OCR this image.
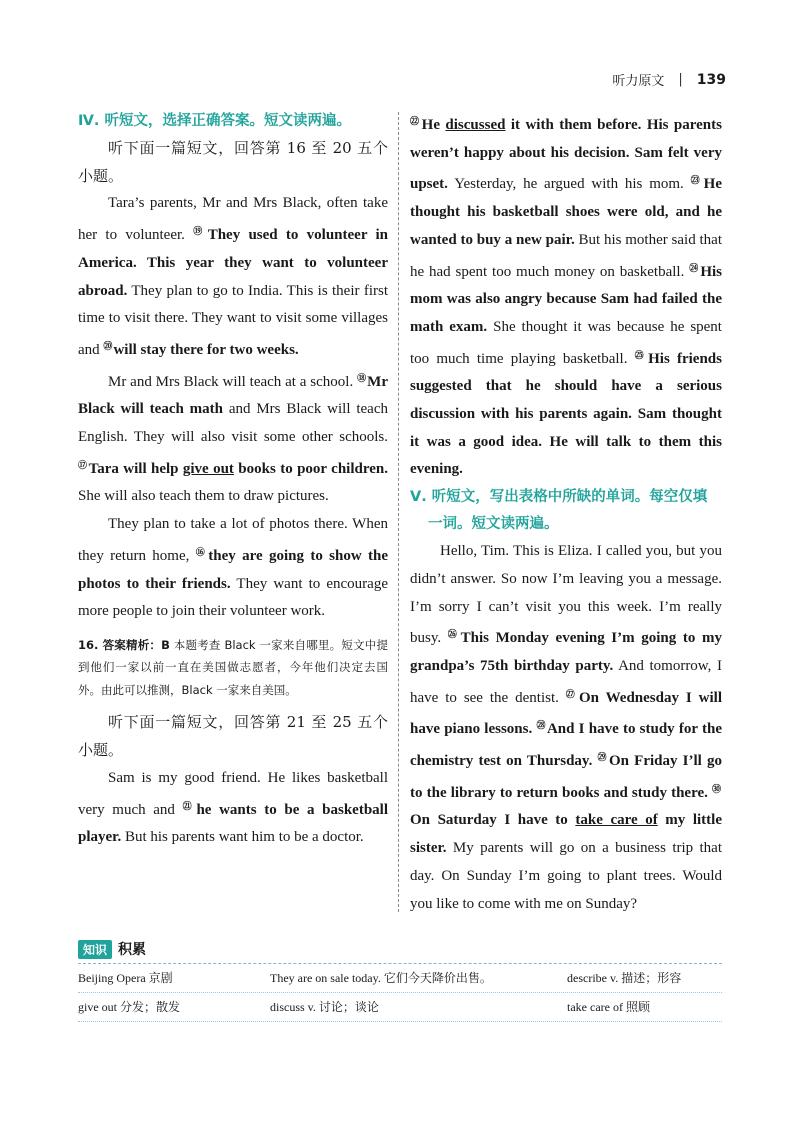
听力原文 | 139
Ⅳ. 听短文，选择正确答案。短文读两遍。

听下面一篇短文，回答第 16 至 20 五个小题。

Tara’s parents, Mr and Mrs Black, often take her to volunteer. ⑲They used to volunteer in America. This year they want to volunteer abroad. They plan to go to India. This is their first time to visit there. They want to visit some villages and ⑳will stay there for two weeks.

Mr and Mrs Black will teach at a school. ⑱Mr Black will teach math and Mrs Black will teach English. They will also visit some other schools. ⑰Tara will help give out books to poor children. She will also teach them to draw pictures.

They plan to take a lot of photos there. When they return home, ⑯they are going to show the photos to their friends. They want to encourage more people to join their volunteer work.

16. 答案精析：B 本题考查 Black 一家来自哪里。短文中提到他们一家以前一直在美国做志愿者，今年他们决定去国外。由此可以推测，Black 一家来自美国。

听下面一篇短文，回答第 21 至 25 五个小题。

Sam is my good friend. He likes basketball very much and $^㉑$he wants to be a basketball player. But his parents want him to be a doctor.

$^㉒$He discussed it with them before. His parents weren’t happy about his decision. Sam felt very upset. Yesterday, he argued with his mom. $^㉓$He thought his basketball shoes were old, and he wanted to buy a new pair. But his mother said that he had spent too much money on basketball. $^㉔$His mom was also angry because Sam had failed the math exam. She thought it was because he spent too much time playing basketball. $^㉕$His friends suggested that he should have a serious discussion with his parents again. Sam thought it was a good idea. He will talk to them this evening.

Ⅴ. 听短文，写出表格中所缺的单词。每空仅填
一词。短文读两遍。

Hello, Tim. This is Eliza. I called you, but you didn’t answer. So now I’m leaving you a message. I’m sorry I can’t visit you this week. I’m really busy. $^㉖$This Monday evening I’m going to my grandpa’s 75th birthday party. And tomorrow, I have to see the dentist. $^㉗$On Wednesday I will have piano lessons. $^㉘$And I have to study for the chemistry test on Thursday. $^㉙$On Friday I’ll go to the library to return books and study there. $^㉚$On Saturday I have to take care of my little sister. My parents will go on a business trip that day. On Sunday I’m going to plant trees. Would you like to come with me on Sunday?

知识 积累
Beijing Opera 京剧	They are on sale today. 它们今天降价出售。	describe v. 描述；形容
give out 分发；散发	discuss v. 讨论；谈论	take care of 照顾
